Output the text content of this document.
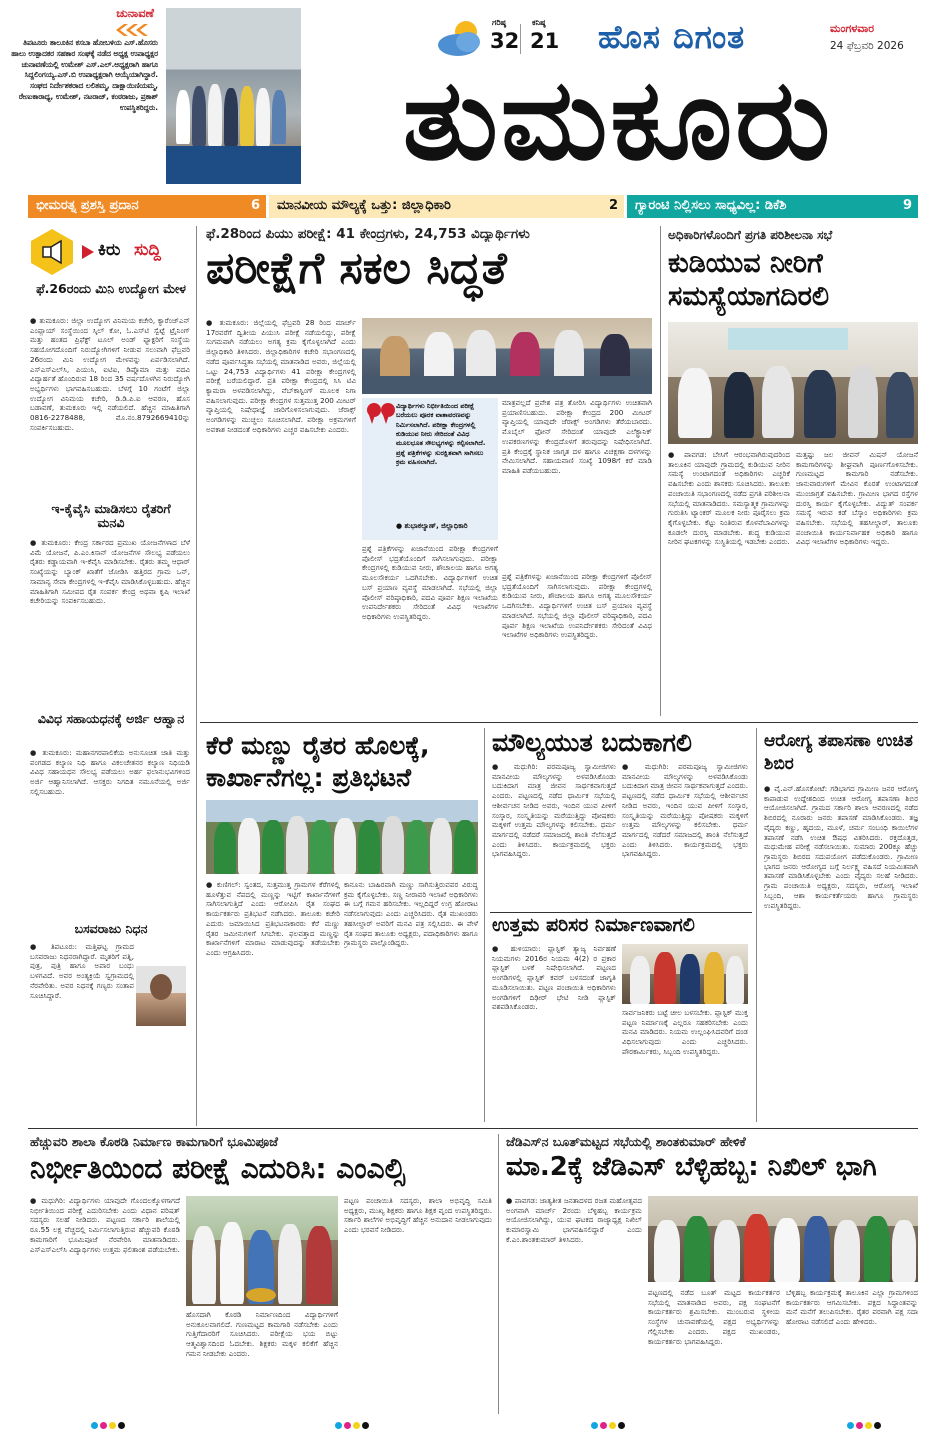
ಚುನಾವಣೆ
ತಿಪಟೂರು ತಾಲೂಕಿನ ಕಸಬಾ ಹೋಬಳಿಯ ಎಸ್.ಹೊಸರು ಹಾಲು ಉತ್ಪಾದಕರ ಸಹಕಾರ ಸಂಘಕ್ಕೆ ನಡೆದ ಅಧ್ಯಕ್ಷ ಉಪಾಧ್ಯಕ್ಷರ ಚುನಾವಣೆಯಲ್ಲಿ ಉಮೇಶ್ ಎಸ್.ಎಲ್.ಅಧ್ಯಕ್ಷರಾಗಿ ಹಾಗೂ ಸಿದ್ದಲಿಂಗಯ್ಯ.ಎಸ್.ಬಿ ಉಪಾಧ್ಯಕ್ಷರಾಗಿ ಆಯ್ಕೆಯಾಗಿದ್ದಾರೆ. ಸಂಘದ ನಿರ್ದೇಶಕರಾದ ಲಲಿತಮ್ಮ, ದಾಕ್ಷಾಯಿಣಿಯಮ್ಮ, ರೇಣುಕಾರಾಧ್ಯ, ಉಮೇಶ್, ನಟರಾಜ್, ಕಂಠರಾಜು, ಪ್ರಕಾಶ್ ಉಪಸ್ಥಿತರಿದ್ದರು.
ಗರಿಷ್ಠ
32
ಕನಿಷ್ಠ
21 ಹೊಸ ದಿಗಂತ	ಮಂಗಳವಾರ
24 ಫೆಬ್ರವರಿ 2026
ತುಮಕೂರು
ಭೀಮರತ್ನ ಪ್ರಶಸ್ತಿ ಪ್ರದಾನ	6 ಮಾನವೀಯ ಮೌಲ್ಯಕ್ಕೆ ಒತ್ತು: ಜಿಲ್ಲಾಧಿಕಾರಿ	2 ಗ್ಯಾರಂಟಿ ನಿಲ್ಲಿಸಲು ಸಾಧ್ಯವಿಲ್ಲ: ಡಿಕೆಶಿ	9
ಕಿರು ಸುದ್ದಿ
ಫೆ.26ರಂದು ಮಿನಿ ಉದ್ಯೋಗ ಮೇಳ
● ತುಮಕೂರು: ಜಿಲ್ಲಾ ಉದ್ಯೋಗ ವಿನಿಮಯ ಕಚೇರಿ, ಕ್ಯಾರೆಂಜ್‌ಎನ್‌ ಎಂಪ್ಲಾಯ್‌ ಸಂಸ್ಥೆಯಿಂದ ಸ್ಕಿಲ್‌ ಕೋ, ಓ.ಎಸ್‌ಟಿ ಸ್ವೆಟ್ಟೆ ಟ್ರೈನಿಂಗ್ ಮತ್ತು ಹಂತದ ಪ್ರಿಫೆಕ್ಟ್ ಟೂಲ್ ಅಂಡ್ ಫ್ಯಾಕ್ಟರಿಗೆ ಸಂಸ್ಥೆಯ ಸಹಯೋಗದೊಂದಿಗೆ ನಿರುದ್ಯೋಗಿಗಳಿಗೆ ನೀಡುವ ಸಲುವಾಗಿ ಫೆಬ್ರವರಿ 26ರಂದು ಮಿನಿ ಉದ್ಯೋಗ ಮೇಳವನ್ನು ಏರ್ಪಡಿಸಲಾಗಿದೆ. ಎಸ್ಎಸ್ಎಲ್‌ಸಿ, ಪಿಯುಸಿ, ಐಟಿಐ, ಡಿಪ್ಲೊಮಾ ಮತ್ತು ಪದವಿ ವಿದ್ಯಾರ್ಹತೆ ಹೊಂದಿರುವ 18 ರಿಂದ 35 ವರ್ಷದೊಳಗಿನ ನಿರುದ್ಯೋಗಿ ಅಭ್ಯರ್ಥಿಗಳು ಭಾಗವಹಿಸಬಹುದು. ಬೆಳಗ್ಗೆ 10 ಗಂಟೆಗೆ ಜಿಲ್ಲಾ ಉದ್ಯೋಗ ವಿನಿಮಯ ಕಚೇರಿ, ಡಿ.ಡಿ.ಪಿ.ಐ ಆವರಣ, ಹೊಸ ಬಡಾವಣೆ, ತುಮಕೂರು ಇಲ್ಲಿ ನಡೆಯಲಿದೆ. ಹೆಚ್ಚಿನ ಮಾಹಿತಿಗಾಗಿ 0816-2278488, ಮೊ.ನಂ.8792669410ನ್ನು ಸಂಪರ್ಕಿಸಬಹುದು.
ಇ-ಕೈವೈಸಿ ಮಾಡಿಸಲು ರೈತರಿಗೆ ಮನವಿ
● ತುಮಕೂರು: ಕೇಂದ್ರ ಸರ್ಕಾರದ ಪ್ರಮುಖ ಯೋಜನೆಗಳಾದ ಬೆಳೆ ವಿಮೆ ಯೋಜನೆ, ಪಿ.ಎಂ.ಕಿಸಾನ್ ಯೋಜನೆಗಳ ಸೌಲಭ್ಯ ಪಡೆಯಲು ರೈತರು ಕಡ್ಡಾಯವಾಗಿ ಇ-ಕೆವೈಸಿ ಮಾಡಿಸಬೇಕು. ರೈತರು ತಮ್ಮ ಆಧಾರ್ ಸಂಖ್ಯೆಯನ್ನು ಬ್ಯಾಂಕ್ ಖಾತೆಗೆ ಜೋಡಿಸಿ ಹತ್ತಿರದ ಗ್ರಾಮ ಒನ್, ಸಾಮಾನ್ಯ ಸೇವಾ ಕೇಂದ್ರಗಳಲ್ಲಿ ಇ-ಕೆವೈಸಿ ಮಾಡಿಸಿಕೊಳ್ಳಬಹುದು. ಹೆಚ್ಚಿನ ಮಾಹಿತಿಗಾಗಿ ಸಮೀಪದ ರೈತ ಸಂಪರ್ಕ ಕೇಂದ್ರ ಅಥವಾ ಕೃಷಿ ಇಲಾಖೆ ಕಚೇರಿಯನ್ನು ಸಂಪರ್ಕಿಸಬಹುದು.
ವಿವಿಧ ಸಹಾಯಧನಕ್ಕೆ ಅರ್ಜಿ ಆಹ್ವಾನ
● ತುಮಕೂರು: ಮಹಾನಗರಪಾಲಿಕೆಯ ಅನುಸೂಚಿತ ಜಾತಿ ಮತ್ತು ಪಂಗಡದ ಕಲ್ಯಾಣ ನಿಧಿ ಹಾಗೂ ವಿಕಲಚೇತನರ ಕಲ್ಯಾಣ ನಿಧಿಯಡಿ ವಿವಿಧ ಸಹಾಯಧನ ಸೌಲಭ್ಯ ಪಡೆಯಲು ಅರ್ಹ ಫಲಾನುಭವಿಗಳಿಂದ ಅರ್ಜಿ ಆಹ್ವಾನಿಸಲಾಗಿದೆ. ಆಸಕ್ತರು ನಿಗದಿತ ನಮೂನೆಯಲ್ಲಿ ಅರ್ಜಿ ಸಲ್ಲಿಸಬಹುದು.
ಬಸವರಾಜು ನಿಧನ
● ತಿಪಟೂರು: ಮತ್ತಿಘಟ್ಟ ಗ್ರಾಮದ ಬಸವರಾಜು ನಿಧನರಾಗಿದ್ದಾರೆ. ಮೃತರಿಗೆ ಪತ್ನಿ, ಪುತ್ರ, ಪುತ್ರಿ ಹಾಗೂ ಅಪಾರ ಬಂಧು ಬಳಗವಿದೆ. ಅವರ ಅಂತ್ಯಕ್ರಿಯೆ ಸ್ವಗ್ರಾಮದಲ್ಲಿ ನೆರವೇರಿತು. ಅವರ ನಿಧನಕ್ಕೆ ಗಣ್ಯರು ಸಂತಾಪ ಸೂಚಿಸಿದ್ದಾರೆ.
ಫೆ.28ರಿಂದ ಪಿಯು ಪರೀಕ್ಷೆ: 41 ಕೇಂದ್ರಗಳು, 24,753 ವಿದ್ಯಾರ್ಥಿಗಳು
ಪರೀಕ್ಷೆಗೆ ಸಕಲ ಸಿದ್ಧತೆ
● ತುಮಕೂರು: ಜಿಲ್ಲೆಯಲ್ಲಿ ಫೆಬ್ರವರಿ 28 ರಿಂದ ಮಾರ್ಚ್ 17ರವರೆಗೆ ದ್ವಿತೀಯ ಪಿಯುಸಿ ಪರೀಕ್ಷೆ ನಡೆಯಲಿದ್ದು, ಪರೀಕ್ಷೆ ಸುಗಮವಾಗಿ ನಡೆಯಲು ಅಗತ್ಯ ಕ್ರಮ ಕೈಗೊಳ್ಳಲಾಗಿದೆ ಎಂದು ಜಿಲ್ಲಾಧಿಕಾರಿ ತಿಳಿಸಿದರು. ಜಿಲ್ಲಾಧಿಕಾರಿಗಳ ಕಚೇರಿ ಸಭಾಂಗಣದಲ್ಲಿ ನಡೆದ ಪೂರ್ವಸಿದ್ಧತಾ ಸಭೆಯಲ್ಲಿ ಮಾತನಾಡಿದ ಅವರು, ಜಿಲ್ಲೆಯಲ್ಲಿ ಒಟ್ಟು 24,753 ವಿದ್ಯಾರ್ಥಿಗಳು 41 ಪರೀಕ್ಷಾ ಕೇಂದ್ರಗಳಲ್ಲಿ ಪರೀಕ್ಷೆ ಬರೆಯಲಿದ್ದಾರೆ. ಪ್ರತಿ ಪರೀಕ್ಷಾ ಕೇಂದ್ರದಲ್ಲಿ ಸಿಸಿ ಟಿವಿ ಕ್ಯಾಮರಾ ಅಳವಡಿಸಲಾಗಿದ್ದು, ವೆಬ್‌ಕಾಸ್ಟಿಂಗ್ ಮೂಲಕ ನಿಗಾ ವಹಿಸಲಾಗುವುದು. ಪರೀಕ್ಷಾ ಕೇಂದ್ರಗಳ ಸುತ್ತಮುತ್ತ 200 ಮೀಟರ್ ವ್ಯಾಪ್ತಿಯಲ್ಲಿ ನಿಷೇಧಾಜ್ಞೆ ಜಾರಿಗೊಳಿಸಲಾಗುವುದು. ಜೆರಾಕ್ಸ್ ಅಂಗಡಿಗಳನ್ನು ಮುಚ್ಚಲು ಸೂಚಿಸಲಾಗಿದೆ. ಪರೀಕ್ಷಾ ಅಕ್ರಮಗಳಿಗೆ ಅವಕಾಶ ನೀಡದಂತೆ ಅಧಿಕಾರಿಗಳು ಎಚ್ಚರ ವಹಿಸಬೇಕು ಎಂದರು.
ವಿದ್ಯಾರ್ಥಿಗಳು ನಿರ್ಭೀತಿಯಿಂದ ಪರೀಕ್ಷೆ ಬರೆಯಲು ಪೂರಕ ವಾತಾವರಣವನ್ನು ನಿರ್ಮಿಸಲಾಗಿದೆ. ಪರೀಕ್ಷಾ ಕೇಂದ್ರಗಳಲ್ಲಿ ಕುಡಿಯುವ ನೀರು ಸೇರಿದಂತೆ ವಿವಿಧ ಮೂಲಭೂತ ಸೌಲಭ್ಯಗಳನ್ನು ಕಲ್ಪಿಸಲಾಗಿದೆ. ಪ್ರಶ್ನೆ ಪತ್ರಿಕೆಗಳನ್ನು ಸುರಕ್ಷಿತವಾಗಿ ಸಾಗಿಸಲು ಕ್ರಮ ವಹಿಸಲಾಗಿದೆ.
● ಶುಭಾಕಲ್ಯಾಣ್, ಜಿಲ್ಲಾಧಿಕಾರಿ
ಮಾತ್ರವಲ್ಲದೆ ಪ್ರವೇಶ ಪತ್ರ ತೋರಿಸಿ ವಿದ್ಯಾರ್ಥಿಗಳು ಉಚಿತವಾಗಿ ಪ್ರಯಾಣಿಸಬಹುದು. ಪರೀಕ್ಷಾ ಕೇಂದ್ರದ 200 ಮೀಟರ್ ವ್ಯಾಪ್ತಿಯಲ್ಲಿ ಯಾವುದೇ ಜೆರಾಕ್ಸ್ ಅಂಗಡಿಗಳು ತೆರೆಯಬಾರದು. ಮೊಬೈಲ್ ಫೋನ್ ಸೇರಿದಂತೆ ಯಾವುದೇ ಎಲೆಕ್ಟ್ರಾನಿಕ್ ಉಪಕರಣಗಳನ್ನು ಕೇಂದ್ರದೊಳಗೆ ತರುವುದನ್ನು ನಿಷೇಧಿಸಲಾಗಿದೆ. ಪ್ರತಿ ಕೇಂದ್ರಕ್ಕೆ ಸ್ಥಾನಿಕ ಜಾಗೃತ ದಳ ಹಾಗೂ ವಿಚಕ್ಷಣಾ ದಳಗಳನ್ನು ನೇಮಿಸಲಾಗಿದೆ. ಸಹಾಯವಾಣಿ ಸಂಖ್ಯೆ 1098ಗೆ ಕರೆ ಮಾಡಿ ಮಾಹಿತಿ ಪಡೆಯಬಹುದು.
ಪ್ರಶ್ನೆ ಪತ್ರಿಕೆಗಳನ್ನು ಖಜಾನೆಯಿಂದ ಪರೀಕ್ಷಾ ಕೇಂದ್ರಗಳಿಗೆ ಪೊಲೀಸ್ ಭದ್ರತೆಯೊಂದಿಗೆ ಸಾಗಿಸಲಾಗುವುದು. ಪರೀಕ್ಷಾ ಕೇಂದ್ರಗಳಲ್ಲಿ ಕುಡಿಯುವ ನೀರು, ಶೌಚಾಲಯ ಹಾಗೂ ಅಗತ್ಯ ಮೂಲಸೌಕರ್ಯ ಒದಗಿಸಬೇಕು. ವಿದ್ಯಾರ್ಥಿಗಳಿಗೆ ಉಚಿತ ಬಸ್ ಪ್ರಯಾಣ ವ್ಯವಸ್ಥೆ ಮಾಡಲಾಗಿದೆ. ಸಭೆಯಲ್ಲಿ ಜಿಲ್ಲಾ ಪೊಲೀಸ್ ವರಿಷ್ಠಾಧಿಕಾರಿ, ಪದವಿ ಪೂರ್ವ ಶಿಕ್ಷಣ ಇಲಾಖೆಯ ಉಪನಿರ್ದೇಶಕರು ಸೇರಿದಂತೆ ವಿವಿಧ ಇಲಾಖೆಗಳ ಅಧಿಕಾರಿಗಳು ಉಪಸ್ಥಿತರಿದ್ದರು.
ಪ್ರಶ್ನೆ ಪತ್ರಿಕೆಗಳನ್ನು ಖಜಾನೆಯಿಂದ ಪರೀಕ್ಷಾ ಕೇಂದ್ರಗಳಿಗೆ ಪೊಲೀಸ್ ಭದ್ರತೆಯೊಂದಿಗೆ ಸಾಗಿಸಲಾಗುವುದು. ಪರೀಕ್ಷಾ ಕೇಂದ್ರಗಳಲ್ಲಿ ಕುಡಿಯುವ ನೀರು, ಶೌಚಾಲಯ ಹಾಗೂ ಅಗತ್ಯ ಮೂಲಸೌಕರ್ಯ ಒದಗಿಸಬೇಕು. ವಿದ್ಯಾರ್ಥಿಗಳಿಗೆ ಉಚಿತ ಬಸ್ ಪ್ರಯಾಣ ವ್ಯವಸ್ಥೆ ಮಾಡಲಾಗಿದೆ. ಸಭೆಯಲ್ಲಿ ಜಿಲ್ಲಾ ಪೊಲೀಸ್ ವರಿಷ್ಠಾಧಿಕಾರಿ, ಪದವಿ ಪೂರ್ವ ಶಿಕ್ಷಣ ಇಲಾಖೆಯ ಉಪನಿರ್ದೇಶಕರು ಸೇರಿದಂತೆ ವಿವಿಧ ಇಲಾಖೆಗಳ ಅಧಿಕಾರಿಗಳು ಉಪಸ್ಥಿತರಿದ್ದರು.
ಅಧಿಕಾರಿಗಳೊಂದಿಗೆ ಪ್ರಗತಿ ಪರಿಶೀಲನಾ ಸಭೆ
ಕುಡಿಯುವ ನೀರಿಗೆ ಸಮಸ್ಯೆಯಾಗದಿರಲಿ
● ಪಾವಗಡ: ಬೇಸಿಗೆ ಆರಂಭವಾಗಿರುವುದರಿಂದ ತಾಲೂಕಿನ ಯಾವುದೇ ಗ್ರಾಮದಲ್ಲಿ ಕುಡಿಯುವ ನೀರಿನ ಸಮಸ್ಯೆ ಉಂಟಾಗದಂತೆ ಅಧಿಕಾರಿಗಳು ಎಚ್ಚರಿಕೆ ವಹಿಸಬೇಕು ಎಂದು ಶಾಸಕರು ಸೂಚಿಸಿದರು. ತಾಲೂಕು ಪಂಚಾಯಿತಿ ಸಭಾಂಗಣದಲ್ಲಿ ನಡೆದ ಪ್ರಗತಿ ಪರಿಶೀಲನಾ ಸಭೆಯಲ್ಲಿ ಮಾತನಾಡಿದರು. ಸಮಸ್ಯಾತ್ಮಕ ಗ್ರಾಮಗಳನ್ನು ಗುರುತಿಸಿ ಟ್ಯಾಂಕರ್ ಮೂಲಕ ನೀರು ಪೂರೈಸಲು ಕ್ರಮ ಕೈಗೊಳ್ಳಬೇಕು. ಕೆಟ್ಟು ನಿಂತಿರುವ ಕೊಳವೆಬಾವಿಗಳನ್ನು ಕೂಡಲೇ ದುರಸ್ತಿ ಮಾಡಬೇಕು. ಶುದ್ಧ ಕುಡಿಯುವ ನೀರಿನ ಘಟಕಗಳನ್ನು ಸುಸ್ಥಿತಿಯಲ್ಲಿ ಇಡಬೇಕು ಎಂದರು.
ಮತ್ತಷ್ಟು ಜಲ ಜೀವನ್ ಮಿಷನ್ ಯೋಜನೆ ಕಾಮಗಾರಿಗಳನ್ನು ಶೀಘ್ರವಾಗಿ ಪೂರ್ಣಗೊಳಿಸಬೇಕು. ಗುಣಮಟ್ಟದ ಕಾಮಗಾರಿ ನಡೆಸಬೇಕು. ಜಾನುವಾರುಗಳಿಗೆ ಮೇವಿನ ಕೊರತೆ ಉಂಟಾಗದಂತೆ ಮುಂಜಾಗ್ರತೆ ವಹಿಸಬೇಕು. ಗ್ರಾಮೀಣ ಭಾಗದ ರಸ್ತೆಗಳ ದುರಸ್ತಿ ಕಾರ್ಯ ಕೈಗೊಳ್ಳಬೇಕು. ವಿದ್ಯುತ್ ಸಂಪರ್ಕ ಸಮಸ್ಯೆ ಇರುವ ಕಡೆ ಬೆಸ್ಕಾಂ ಅಧಿಕಾರಿಗಳು ಕ್ರಮ ವಹಿಸಬೇಕು. ಸಭೆಯಲ್ಲಿ ತಹಸೀಲ್ದಾರ್, ತಾಲೂಕು ಪಂಚಾಯಿತಿ ಕಾರ್ಯನಿರ್ವಾಹಕ ಅಧಿಕಾರಿ ಹಾಗೂ ವಿವಿಧ ಇಲಾಖೆಗಳ ಅಧಿಕಾರಿಗಳು ಇದ್ದರು.
ಕೆರೆ ಮಣ್ಣು ರೈತರ ಹೊಲಕ್ಕೆ, ಕಾರ್ಖಾನೆಗಲ್ಲ: ಪ್ರತಿಭಟನೆ
● ಕುಣಿಗಲ್: ಸ್ವಂತದ, ಸುತ್ತಮುತ್ತ ಗ್ರಾಮಗಳ ಕೆರೆಗಳಲ್ಲಿ ಹೂಳೆತ್ತುವ ನೆಪದಲ್ಲಿ ಮಣ್ಣನ್ನು ಇಟ್ಟಿಗೆ ಕಾರ್ಖಾನೆಗಳಿಗೆ ಸಾಗಿಸಲಾಗುತ್ತಿದೆ ಎಂದು ಆರೋಪಿಸಿ ರೈತ ಸಂಘದ ಕಾರ್ಯಕರ್ತರು ಪ್ರತಿಭಟನೆ ನಡೆಸಿದರು. ತಾಲೂಕು ಕಚೇರಿ ಎದುರು ಜಮಾಯಿಸಿದ ಪ್ರತಿಭಟನಾಕಾರರು ಕೆರೆ ಮಣ್ಣು ರೈತರ ಜಮೀನುಗಳಿಗೆ ಸಿಗಬೇಕು. ಫಲವತ್ತಾದ ಮಣ್ಣನ್ನು ಕಾರ್ಖಾನೆಗಳಿಗೆ ಮಾರಾಟ ಮಾಡುವುದನ್ನು ತಡೆಯಬೇಕು ಎಂದು ಆಗ್ರಹಿಸಿದರು.
ಕಾನೂನು ಬಾಹಿರವಾಗಿ ಮಣ್ಣು ಸಾಗಿಸುತ್ತಿರುವವರ ವಿರುದ್ಧ ಕ್ರಮ ಕೈಗೊಳ್ಳಬೇಕು. ಸಣ್ಣ ನೀರಾವರಿ ಇಲಾಖೆ ಅಧಿಕಾರಿಗಳು ಈ ಬಗ್ಗೆ ಗಮನ ಹರಿಸಬೇಕು. ಇಲ್ಲದಿದ್ದರೆ ಉಗ್ರ ಹೋರಾಟ ನಡೆಸಲಾಗುವುದು ಎಂದು ಎಚ್ಚರಿಸಿದರು. ರೈತ ಮುಖಂಡರು ತಹಸೀಲ್ದಾರ್ ಅವರಿಗೆ ಮನವಿ ಪತ್ರ ಸಲ್ಲಿಸಿದರು. ಈ ವೇಳೆ ರೈತ ಸಂಘದ ತಾಲೂಕು ಅಧ್ಯಕ್ಷರು, ಪದಾಧಿಕಾರಿಗಳು ಹಾಗೂ ಗ್ರಾಮಸ್ಥರು ಪಾಲ್ಗೊಂಡಿದ್ದರು.
ಮೌಲ್ಯಯುತ ಬದುಕಾಗಲಿ
● ಮಧುಗಿರಿ: ಪರಮಪೂಜ್ಯ ಸ್ವಾಮೀಜಿಗಳು ಮಾನವೀಯ ಮೌಲ್ಯಗಳನ್ನು ಅಳವಡಿಸಿಕೊಂಡು ಬದುಕಿದಾಗ ಮಾತ್ರ ಜೀವನ ಸಾರ್ಥಕವಾಗುತ್ತದೆ ಎಂದರು. ಪಟ್ಟಣದಲ್ಲಿ ನಡೆದ ಧಾರ್ಮಿಕ ಸಭೆಯಲ್ಲಿ ಆಶೀರ್ವಚನ ನೀಡಿದ ಅವರು, ಇಂದಿನ ಯುವ ಪೀಳಿಗೆ ಸಂಸ್ಕಾರ, ಸಂಸ್ಕೃತಿಯನ್ನು ಮರೆಯುತ್ತಿದ್ದು ಪೋಷಕರು ಮಕ್ಕಳಿಗೆ ಉತ್ತಮ ಮೌಲ್ಯಗಳನ್ನು ಕಲಿಸಬೇಕು. ಧರ್ಮ ಮಾರ್ಗದಲ್ಲಿ ನಡೆದರೆ ಸಮಾಜದಲ್ಲಿ ಶಾಂತಿ ನೆಲೆಸುತ್ತದೆ ಎಂದು ತಿಳಿಸಿದರು. ಕಾರ್ಯಕ್ರಮದಲ್ಲಿ ಭಕ್ತರು ಭಾಗವಹಿಸಿದ್ದರು.
● ಮಧುಗಿರಿ: ಪರಮಪೂಜ್ಯ ಸ್ವಾಮೀಜಿಗಳು ಮಾನವೀಯ ಮೌಲ್ಯಗಳನ್ನು ಅಳವಡಿಸಿಕೊಂಡು ಬದುಕಿದಾಗ ಮಾತ್ರ ಜೀವನ ಸಾರ್ಥಕವಾಗುತ್ತದೆ ಎಂದರು. ಪಟ್ಟಣದಲ್ಲಿ ನಡೆದ ಧಾರ್ಮಿಕ ಸಭೆಯಲ್ಲಿ ಆಶೀರ್ವಚನ ನೀಡಿದ ಅವರು, ಇಂದಿನ ಯುವ ಪೀಳಿಗೆ ಸಂಸ್ಕಾರ, ಸಂಸ್ಕೃತಿಯನ್ನು ಮರೆಯುತ್ತಿದ್ದು ಪೋಷಕರು ಮಕ್ಕಳಿಗೆ ಉತ್ತಮ ಮೌಲ್ಯಗಳನ್ನು ಕಲಿಸಬೇಕು. ಧರ್ಮ ಮಾರ್ಗದಲ್ಲಿ ನಡೆದರೆ ಸಮಾಜದಲ್ಲಿ ಶಾಂತಿ ನೆಲೆಸುತ್ತದೆ ಎಂದು ತಿಳಿಸಿದರು. ಕಾರ್ಯಕ್ರಮದಲ್ಲಿ ಭಕ್ತರು ಭಾಗವಹಿಸಿದ್ದರು.
ಉತ್ತಮ ಪರಿಸರ ನಿರ್ಮಾಣವಾಗಲಿ
● ಹುಳಿಯಾರು: ಪ್ಲಾಸ್ಟಿಕ್ ತ್ಯಾಜ್ಯ ನಿರ್ವಹಣೆ ನಿಯಮಗಳು 2016ರ ನಿಯಮ 4(2) ರ ಪ್ರಕಾರ ಪ್ಲಾಸ್ಟಿಕ್ ಬಳಕೆ ನಿಷೇಧಿಸಲಾಗಿದೆ. ಪಟ್ಟಣದ ಅಂಗಡಿಗಳಲ್ಲಿ ಪ್ಲಾಸ್ಟಿಕ್ ಕವರ್ ಬಳಸದಂತೆ ಜಾಗೃತಿ ಮೂಡಿಸಲಾಯಿತು. ಪಟ್ಟಣ ಪಂಚಾಯಿತಿ ಅಧಿಕಾರಿಗಳು ಅಂಗಡಿಗಳಿಗೆ ದಿಢೀರ್ ಭೇಟಿ ನೀಡಿ ಪ್ಲಾಸ್ಟಿಕ್ ವಶಪಡಿಸಿಕೊಂಡರು.
ಸಾರ್ವಜನಿಕರು ಬಟ್ಟೆ ಚೀಲ ಬಳಸಬೇಕು. ಪ್ಲಾಸ್ಟಿಕ್ ಮುಕ್ತ ಪಟ್ಟಣ ನಿರ್ಮಾಣಕ್ಕೆ ಎಲ್ಲರೂ ಸಹಕರಿಸಬೇಕು ಎಂದು ಮನವಿ ಮಾಡಿದರು. ನಿಯಮ ಉಲ್ಲಂಘಿಸಿದವರಿಗೆ ದಂಡ ವಿಧಿಸಲಾಗುವುದು ಎಂದು ಎಚ್ಚರಿಸಿದರು. ಪೌರಕಾರ್ಮಿಕರು, ಸಿಬ್ಬಂದಿ ಉಪಸ್ಥಿತರಿದ್ದರು.
ಆರೋಗ್ಯ ತಪಾಸಣಾ ಉಚಿತ ಶಿಬಿರ
● ವೈ.ಎನ್.ಹೊಸಕೋಟೆ: ಗಡಿಭಾಗದ ಗ್ರಾಮೀಣ ಜನರ ಆರೋಗ್ಯ ಕಾಪಾಡುವ ಉದ್ದೇಶದಿಂದ ಉಚಿತ ಆರೋಗ್ಯ ತಪಾಸಣಾ ಶಿಬಿರ ಆಯೋಜಿಸಲಾಗಿದೆ. ಗ್ರಾಮದ ಸರ್ಕಾರಿ ಶಾಲಾ ಆವರಣದಲ್ಲಿ ನಡೆದ ಶಿಬಿರದಲ್ಲಿ ನೂರಾರು ಜನರು ತಪಾಸಣೆ ಮಾಡಿಸಿಕೊಂಡರು. ತಜ್ಞ ವೈದ್ಯರು ಕಣ್ಣು, ಹೃದಯ, ಮೂಳೆ, ಚರ್ಮ ಸಂಬಂಧಿ ಕಾಯಿಲೆಗಳ ತಪಾಸಣೆ ನಡೆಸಿ ಉಚಿತ ಔಷಧ ವಿತರಿಸಿದರು. ರಕ್ತದೊತ್ತಡ, ಮಧುಮೇಹ ಪರೀಕ್ಷೆ ನಡೆಸಲಾಯಿತು. ಸುಮಾರು 200ಕ್ಕೂ ಹೆಚ್ಚು ಗ್ರಾಮಸ್ಥರು ಶಿಬಿರದ ಸದುಪಯೋಗ ಪಡೆದುಕೊಂಡರು. ಗ್ರಾಮೀಣ ಭಾಗದ ಜನರು ಆರೋಗ್ಯದ ಬಗ್ಗೆ ನಿರ್ಲಕ್ಷ್ಯ ವಹಿಸದೆ ನಿಯಮಿತವಾಗಿ ತಪಾಸಣೆ ಮಾಡಿಸಿಕೊಳ್ಳಬೇಕು ಎಂದು ವೈದ್ಯರು ಸಲಹೆ ನೀಡಿದರು. ಗ್ರಾಮ ಪಂಚಾಯಿತಿ ಅಧ್ಯಕ್ಷರು, ಸದಸ್ಯರು, ಆರೋಗ್ಯ ಇಲಾಖೆ ಸಿಬ್ಬಂದಿ, ಆಶಾ ಕಾರ್ಯಕರ್ತೆಯರು ಹಾಗೂ ಗ್ರಾಮಸ್ಥರು ಉಪಸ್ಥಿತರಿದ್ದರು.
ಹೆಚ್ಚುವರಿ ಶಾಲಾ ಕೊಠಡಿ ನಿರ್ಮಾಣ ಕಾಮಗಾರಿಗೆ ಭೂಮಿಪೂಜೆ
ನಿರ್ಭೀತಿಯಿಂದ ಪರೀಕ್ಷೆ ಎದುರಿಸಿ: ಎಂಎಲ್ಸಿ
● ಮಧುಗಿರಿ: ವಿದ್ಯಾರ್ಥಿಗಳು ಯಾವುದೇ ಗೊಂದಲಕ್ಕೊಳಗಾಗದೆ ನಿರ್ಭೀತಿಯಿಂದ ಪರೀಕ್ಷೆ ಎದುರಿಸಬೇಕು ಎಂದು ವಿಧಾನ ಪರಿಷತ್ ಸದಸ್ಯರು ಸಲಹೆ ನೀಡಿದರು. ಪಟ್ಟಣದ ಸರ್ಕಾರಿ ಶಾಲೆಯಲ್ಲಿ ರೂ.55 ಲಕ್ಷ ವೆಚ್ಚದಲ್ಲಿ ನಿರ್ಮಿಸಲಾಗುತ್ತಿರುವ ಹೆಚ್ಚುವರಿ ಕೊಠಡಿ ಕಾಮಗಾರಿಗೆ ಭೂಮಿಪೂಜೆ ನೆರವೇರಿಸಿ ಮಾತನಾಡಿದರು. ಎಸ್ಎಸ್ಎಲ್‌ಸಿ ವಿದ್ಯಾರ್ಥಿಗಳು ಉತ್ತಮ ಫಲಿತಾಂಶ ಪಡೆಯಬೇಕು.
ಹೊಸದಾಗಿ ಕೊಠಡಿ ನಿರ್ಮಾಣದಿಂದ ವಿದ್ಯಾರ್ಥಿಗಳಿಗೆ ಅನುಕೂಲವಾಗಲಿದೆ. ಗುಣಮಟ್ಟದ ಕಾಮಗಾರಿ ನಡೆಸಬೇಕು ಎಂದು ಗುತ್ತಿಗೆದಾರರಿಗೆ ಸೂಚಿಸಿದರು. ಪರೀಕ್ಷೆಯ ಭಯ ಬಿಟ್ಟು ಆತ್ಮವಿಶ್ವಾಸದಿಂದ ಓದಬೇಕು. ಶಿಕ್ಷಕರು ಮಕ್ಕಳ ಕಲಿಕೆಗೆ ಹೆಚ್ಚಿನ ಗಮನ ನೀಡಬೇಕು ಎಂದರು.
ಪಟ್ಟಣ ಪಂಚಾಯಿತಿ ಸದಸ್ಯರು, ಶಾಲಾ ಅಭಿವೃದ್ಧಿ ಸಮಿತಿ ಅಧ್ಯಕ್ಷರು, ಮುಖ್ಯ ಶಿಕ್ಷಕರು ಹಾಗೂ ಶಿಕ್ಷಕ ವೃಂದ ಉಪಸ್ಥಿತರಿದ್ದರು. ಸರ್ಕಾರಿ ಶಾಲೆಗಳ ಅಭಿವೃದ್ಧಿಗೆ ಹೆಚ್ಚಿನ ಅನುದಾನ ನೀಡಲಾಗುವುದು ಎಂದು ಭರವಸೆ ನೀಡಿದರು.
ಜೆಡಿಎಸ್‌ನ ಬೂತ್‌ಮಟ್ಟದ ಸಭೆಯಲ್ಲಿ ಶಾಂತಕುಮಾರ್ ಹೇಳಿಕೆ
ಮಾ.2ಕ್ಕೆ ಜೆಡಿಎಸ್ ಬೆಳ್ಳಿಹಬ್ಬ: ನಿಖಿಲ್ ಭಾಗಿ
● ಪಾವಗಡ: ಜಾತ್ಯತೀತ ಜನತಾದಳದ ರಜತ ಮಹೋತ್ಸವದ ಅಂಗವಾಗಿ ಮಾರ್ಚ್ 2ರಂದು ಬೆಳ್ಳಿಹಬ್ಬ ಕಾರ್ಯಕ್ರಮ ಆಯೋಜಿಸಲಾಗಿದ್ದು, ಯುವ ಘಟಕದ ರಾಜ್ಯಾಧ್ಯಕ್ಷ ನಿಖಿಲ್ ಕುಮಾರಸ್ವಾಮಿ ಭಾಗವಹಿಸಲಿದ್ದಾರೆ ಎಂದು ಕೆ.ಎಂ.ಶಾಂತಕುಮಾರ್ ತಿಳಿಸಿದರು.
ಪಟ್ಟಣದಲ್ಲಿ ನಡೆದ ಬೂತ್ ಮಟ್ಟದ ಕಾರ್ಯಕರ್ತರ ಸಭೆಯಲ್ಲಿ ಮಾತನಾಡಿದ ಅವರು, ಪಕ್ಷ ಸಂಘಟನೆಗೆ ಕಾರ್ಯಕರ್ತರು ಶ್ರಮಿಸಬೇಕು. ಮುಂಬರುವ ಸ್ಥಳೀಯ ಸಂಸ್ಥೆಗಳ ಚುನಾವಣೆಯಲ್ಲಿ ಪಕ್ಷದ ಅಭ್ಯರ್ಥಿಗಳನ್ನು ಗೆಲ್ಲಿಸಬೇಕು ಎಂದರು. ಪಕ್ಷದ ಮುಖಂಡರು, ಕಾರ್ಯಕರ್ತರು ಭಾಗವಹಿಸಿದ್ದರು.
ಬೆಳ್ಳಿಹಬ್ಬ ಕಾರ್ಯಕ್ರಮಕ್ಕೆ ತಾಲೂಕಿನ ಎಲ್ಲಾ ಗ್ರಾಮಗಳಿಂದ ಕಾರ್ಯಕರ್ತರು ಆಗಮಿಸಬೇಕು. ಪಕ್ಷದ ಸಿದ್ಧಾಂತವನ್ನು ಮನೆ ಮನೆಗೆ ತಲುಪಿಸಬೇಕು. ರೈತರ ಪರವಾಗಿ ಪಕ್ಷ ಸದಾ ಹೋರಾಟ ನಡೆಸಲಿದೆ ಎಂದು ಹೇಳಿದರು.
